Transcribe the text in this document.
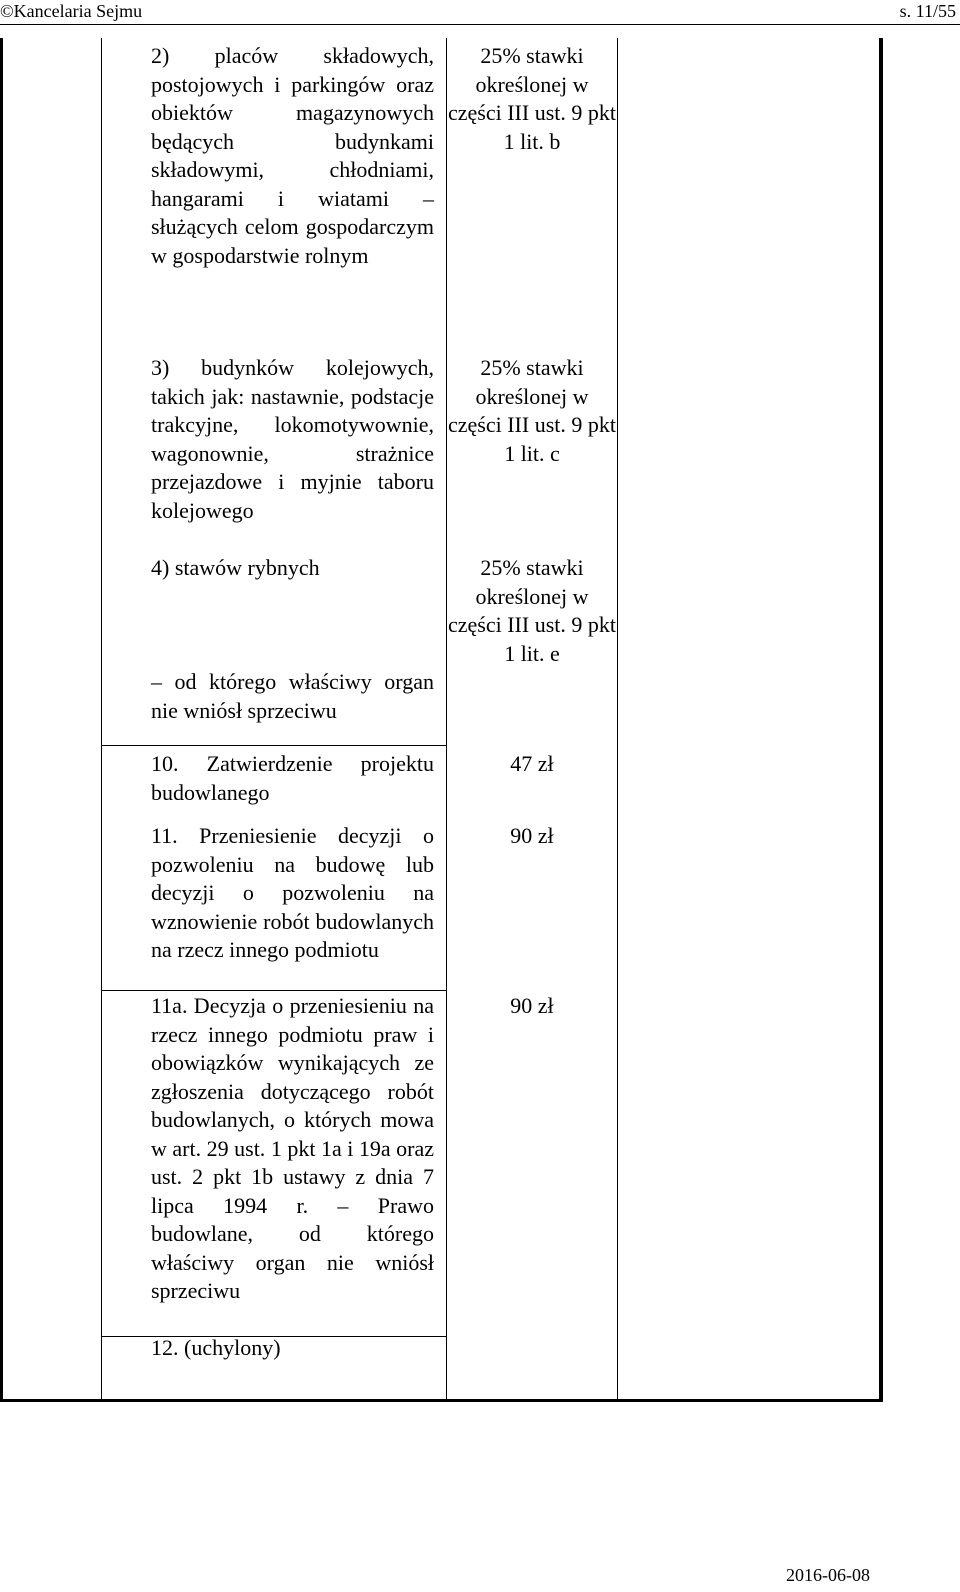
©Kancelaria Sejmu	s. 11/55

2) placów składowych, postojowych i parkingów oraz obiektów magazynowych będących budynkami składowymi, chłodniami, hangarami i wiatami – służących celom gospodarczym w gospodarstwie rolnym

25% stawki określonej w części III ust. 9 pkt 1 lit. b

3) budynków kolejowych, takich jak: nastawnie, podstacje trakcyjne, lokomotywownie, wagonownie, strażnice przejazdowe i myjnie taboru kolejowego

25% stawki określonej w części III ust. 9 pkt 1 lit. c

4) stawów rybnych	25% stawki określonej w części III ust. 9 pkt 1 lit. e

– od którego właściwy organ nie wniósł sprzeciwu

10. Zatwierdzenie projektu budowlanego

47 zł

11. Przeniesienie decyzji o pozwoleniu na budowę lub decyzji o pozwoleniu na wznowienie robót budowlanych na rzecz innego podmiotu

90 zł

11a. Decyzja o przeniesieniu na rzecz innego podmiotu praw i obowiązków wynikających ze zgłoszenia dotyczącego robót budowlanych, o których mowa w art. 29 ust. 1 pkt 1a i 19a oraz ust. 2 pkt 1b ustawy z dnia 7 lipca 1994 r. – Prawo budowlane, od którego właściwy organ nie wniósł sprzeciwu

90 zł

12. (uchylony)

2016-06-08
